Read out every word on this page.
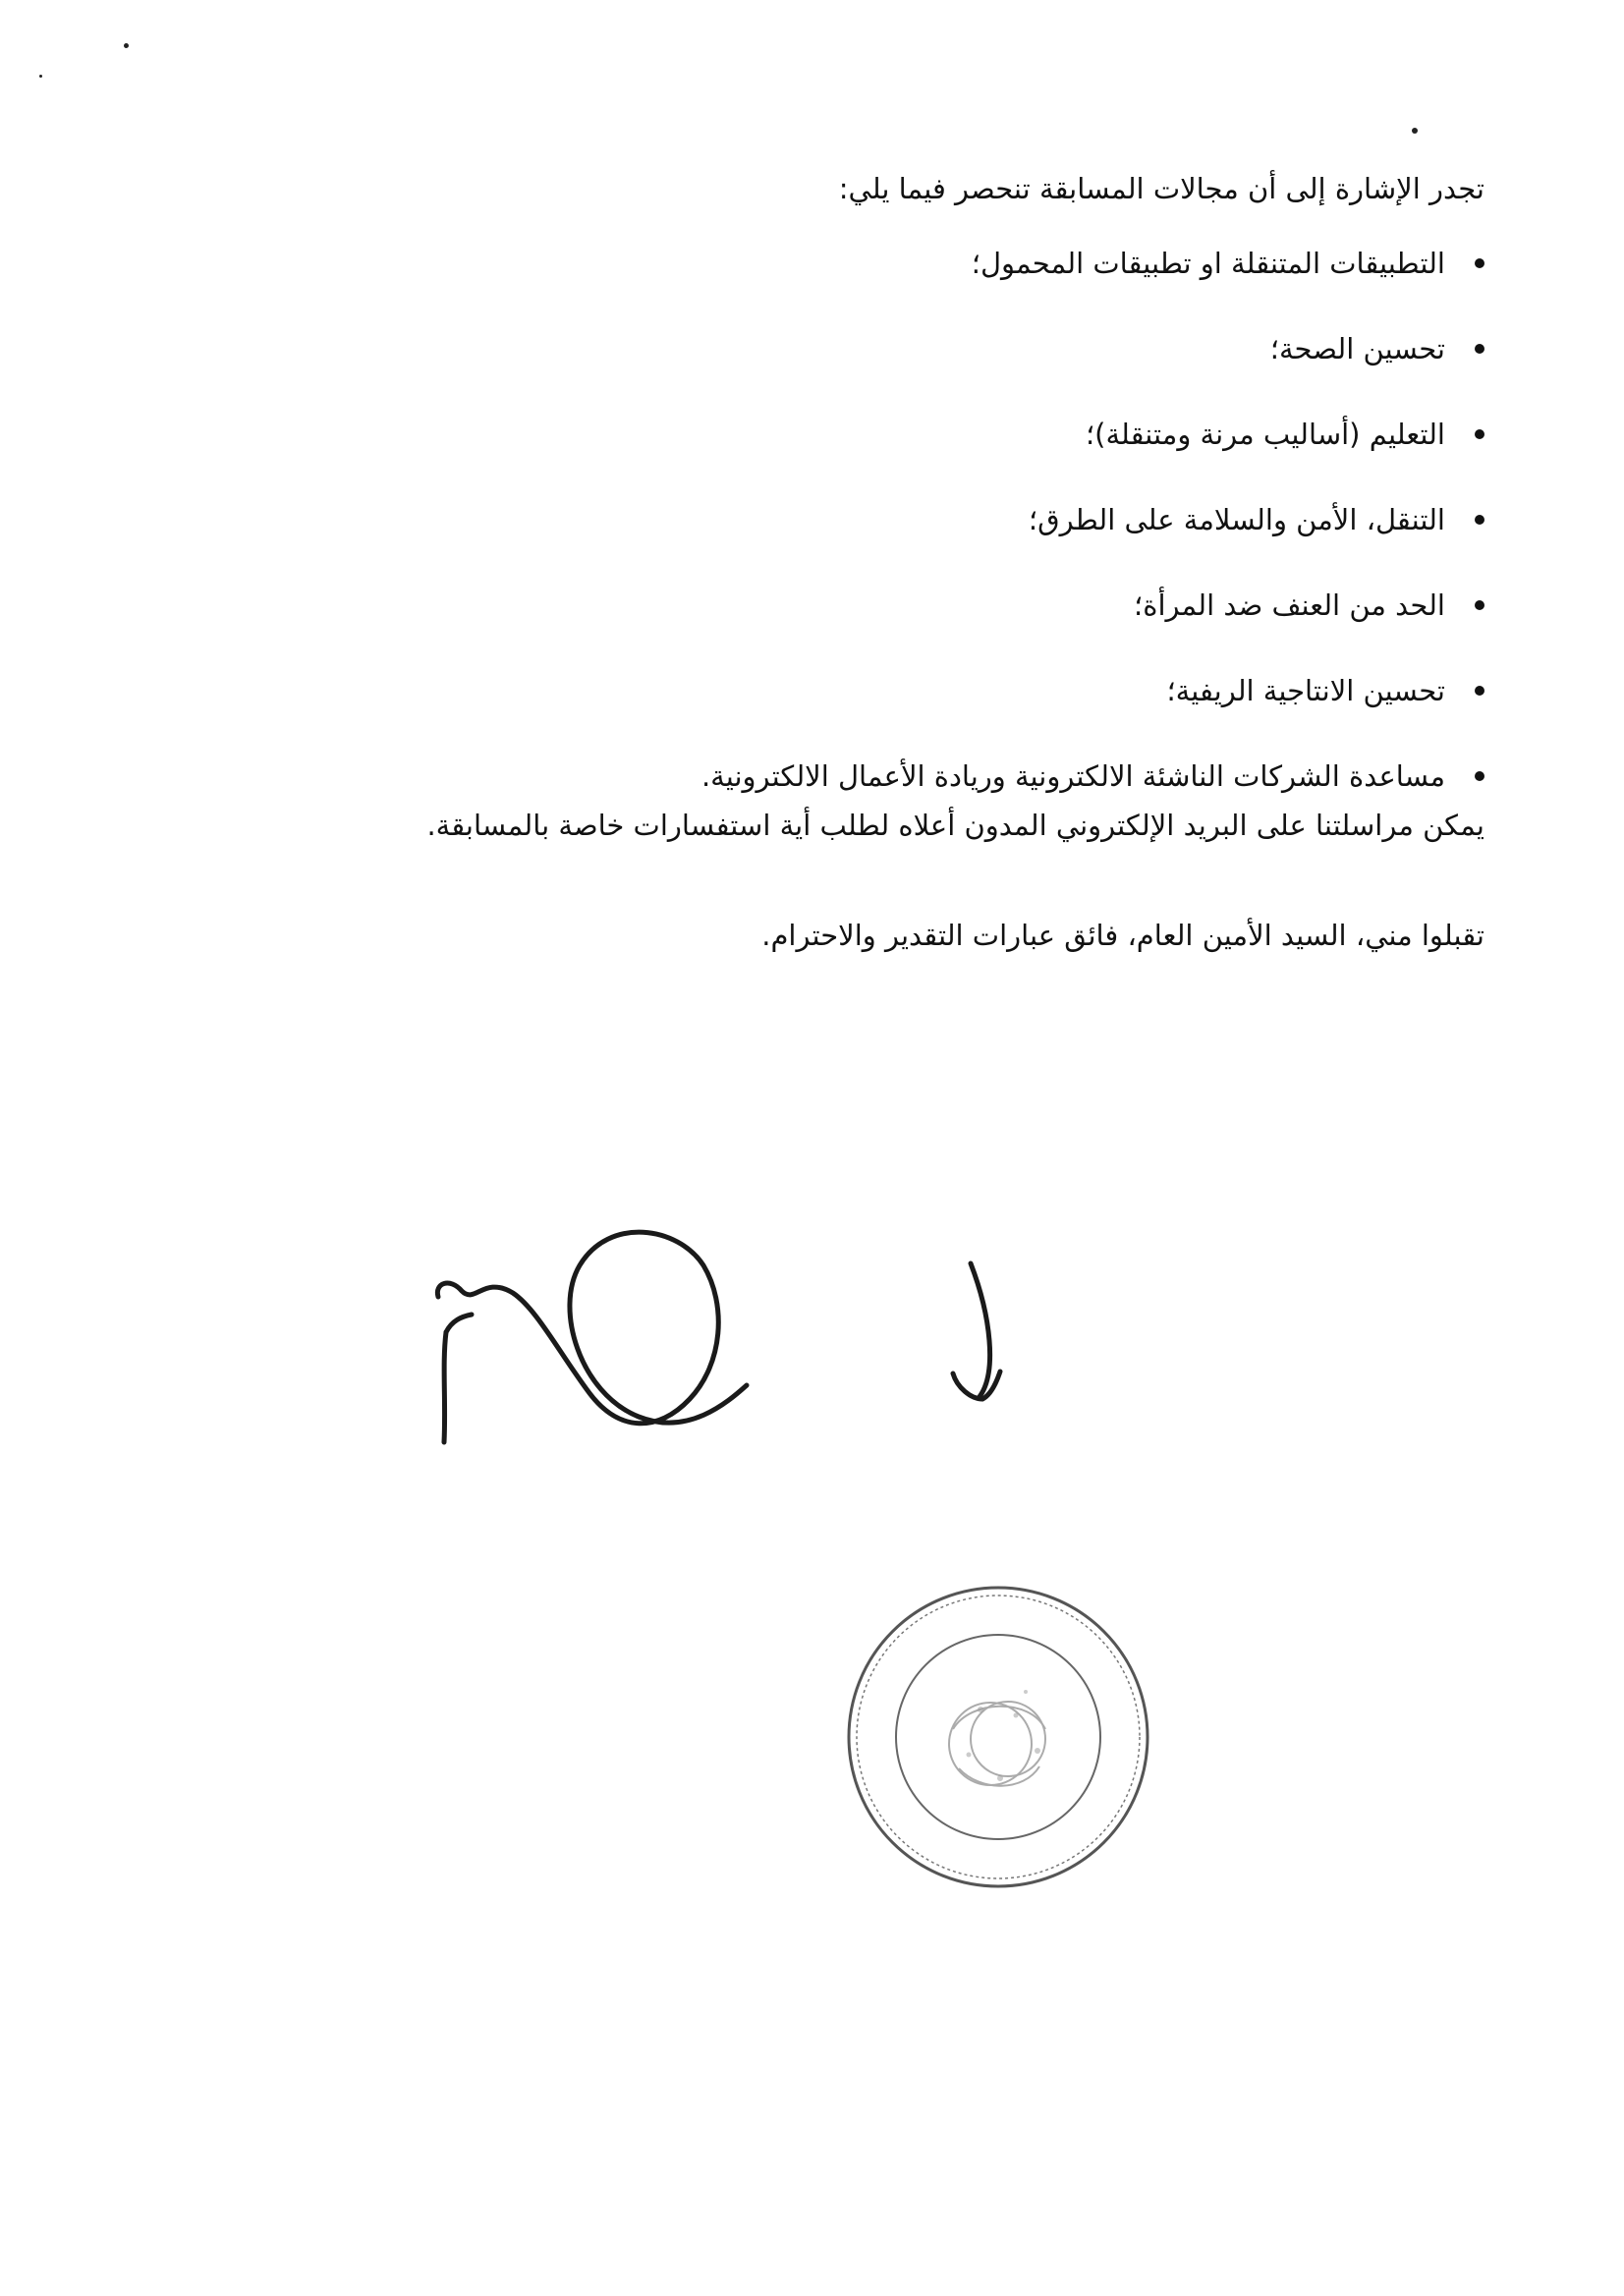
تجدر الإشارة إلى أن مجالات المسابقة تنحصر فيما يلي:
التطبيقات المتنقلة او تطبيقات المحمول؛
تحسين الصحة؛
التعليم (أساليب مرنة ومتنقلة)؛
التنقل، الأمن والسلامة على الطرق؛
الحد من العنف ضد المرأة؛
تحسين الانتاجية الريفية؛
مساعدة الشركات الناشئة الالكترونية وريادة الأعمال الالكترونية.
يمكن مراسلتنا على البريد الإلكتروني المدون أعلاه لطلب أية استفسارات خاصة بالمسابقة.
تقبلوا مني، السيد الأمين العام، فائق عبارات التقدير والاحترام.
